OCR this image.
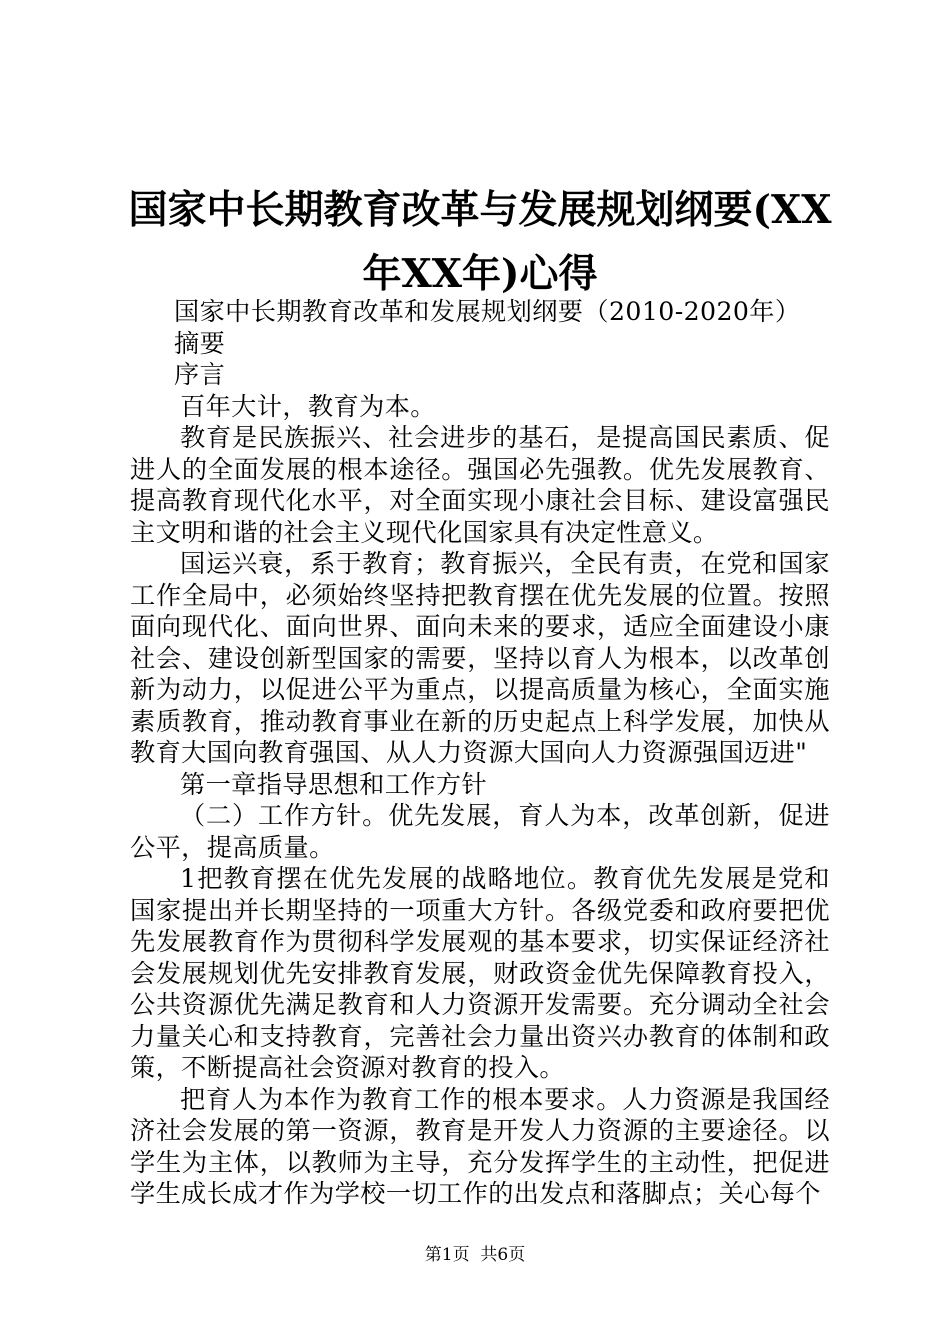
国家中长期教育改革与发展规划纲要(XX年XX年)心得

国家中长期教育改革和发展规划纲要（2010-2020年）

摘要

序言

百年大计，教育为本。

教育是民族振兴、社会进步的基石，是提高国民素质、促进人的全面发展的根本途径。强国必先强教。优先发展教育、提高教育现代化水平，对全面实现小康社会目标、建设富强民主文明和谐的社会主义现代化国家具有决定性意义。

国运兴衰，系于教育；教育振兴，全民有责，在党和国家工作全局中，必须始终坚持把教育摆在优先发展的位置。按照面向现代化、面向世界、面向未来的要求，适应全面建设小康社会、建设创新型国家的需要，坚持以育人为根本，以改革创新为动力，以促进公平为重点，以提高质量为核心，全面实施素质教育，推动教育事业在新的历史起点上科学发展，加快从教育大国向教育强国、从人力资源大国向人力资源强国迈进"

第一章指导思想和工作方针

（二）工作方针。优先发展，育人为本，改革创新，促进公平，提高质量。

1把教育摆在优先发展的战略地位。教育优先发展是党和国家提出并长期坚持的一项重大方针。各级党委和政府要把优先发展教育作为贯彻科学发展观的基本要求，切实保证经济社会发展规划优先安排教育发展，财政资金优先保障教育投入，公共资源优先满足教育和人力资源开发需要。充分调动全社会力量关心和支持教育，完善社会力量出资兴办教育的体制和政策，不断提高社会资源对教育的投入。

把育人为本作为教育工作的根本要求。人力资源是我国经济社会发展的第一资源，教育是开发人力资源的主要途径。以学生为主体，以教师为主导，充分发挥学生的主动性，把促进学生成长成才作为学校一切工作的出发点和落脚点；关心每个

第1页 共6页
